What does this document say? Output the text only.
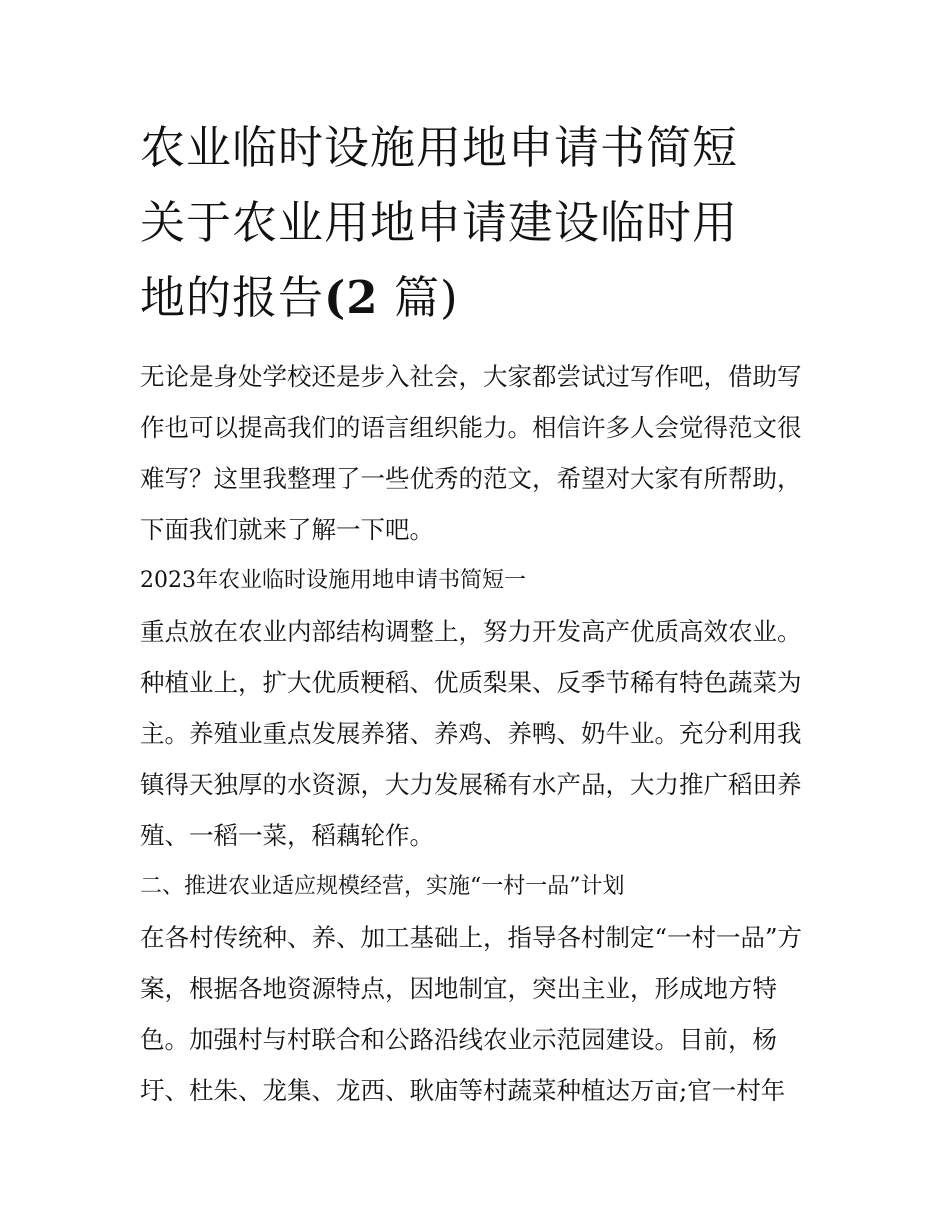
农业临时设施用地申请书简短
关于农业用地申请建设临时用
地的报告(2 篇)

无论是身处学校还是步入社会，大家都尝试过写作吧，借助写
作也可以提高我们的语言组织能力。相信许多人会觉得范文很
难写？这里我整理了一些优秀的范文，希望对大家有所帮助，
下面我们就来了解一下吧。

2023年农业临时设施用地申请书简短一

重点放在农业内部结构调整上，努力开发高产优质高效农业。
种植业上，扩大优质粳稻、优质梨果、反季节稀有特色蔬菜为
主。养殖业重点发展养猪、养鸡、养鸭、奶牛业。充分利用我
镇得天独厚的水资源，大力发展稀有水产品，大力推广稻田养
殖、一稻一菜，稻藕轮作。

二、推进农业适应规模经营，实施“一村一品”计划

在各村传统种、养、加工基础上，指导各村制定“一村一品”方
案，根据各地资源特点，因地制宜，突出主业，形成地方特
色。加强村与村联合和公路沿线农业示范园建设。目前，杨
圩、杜朱、龙集、龙西、耿庙等村蔬菜种植达万亩;官一村年
